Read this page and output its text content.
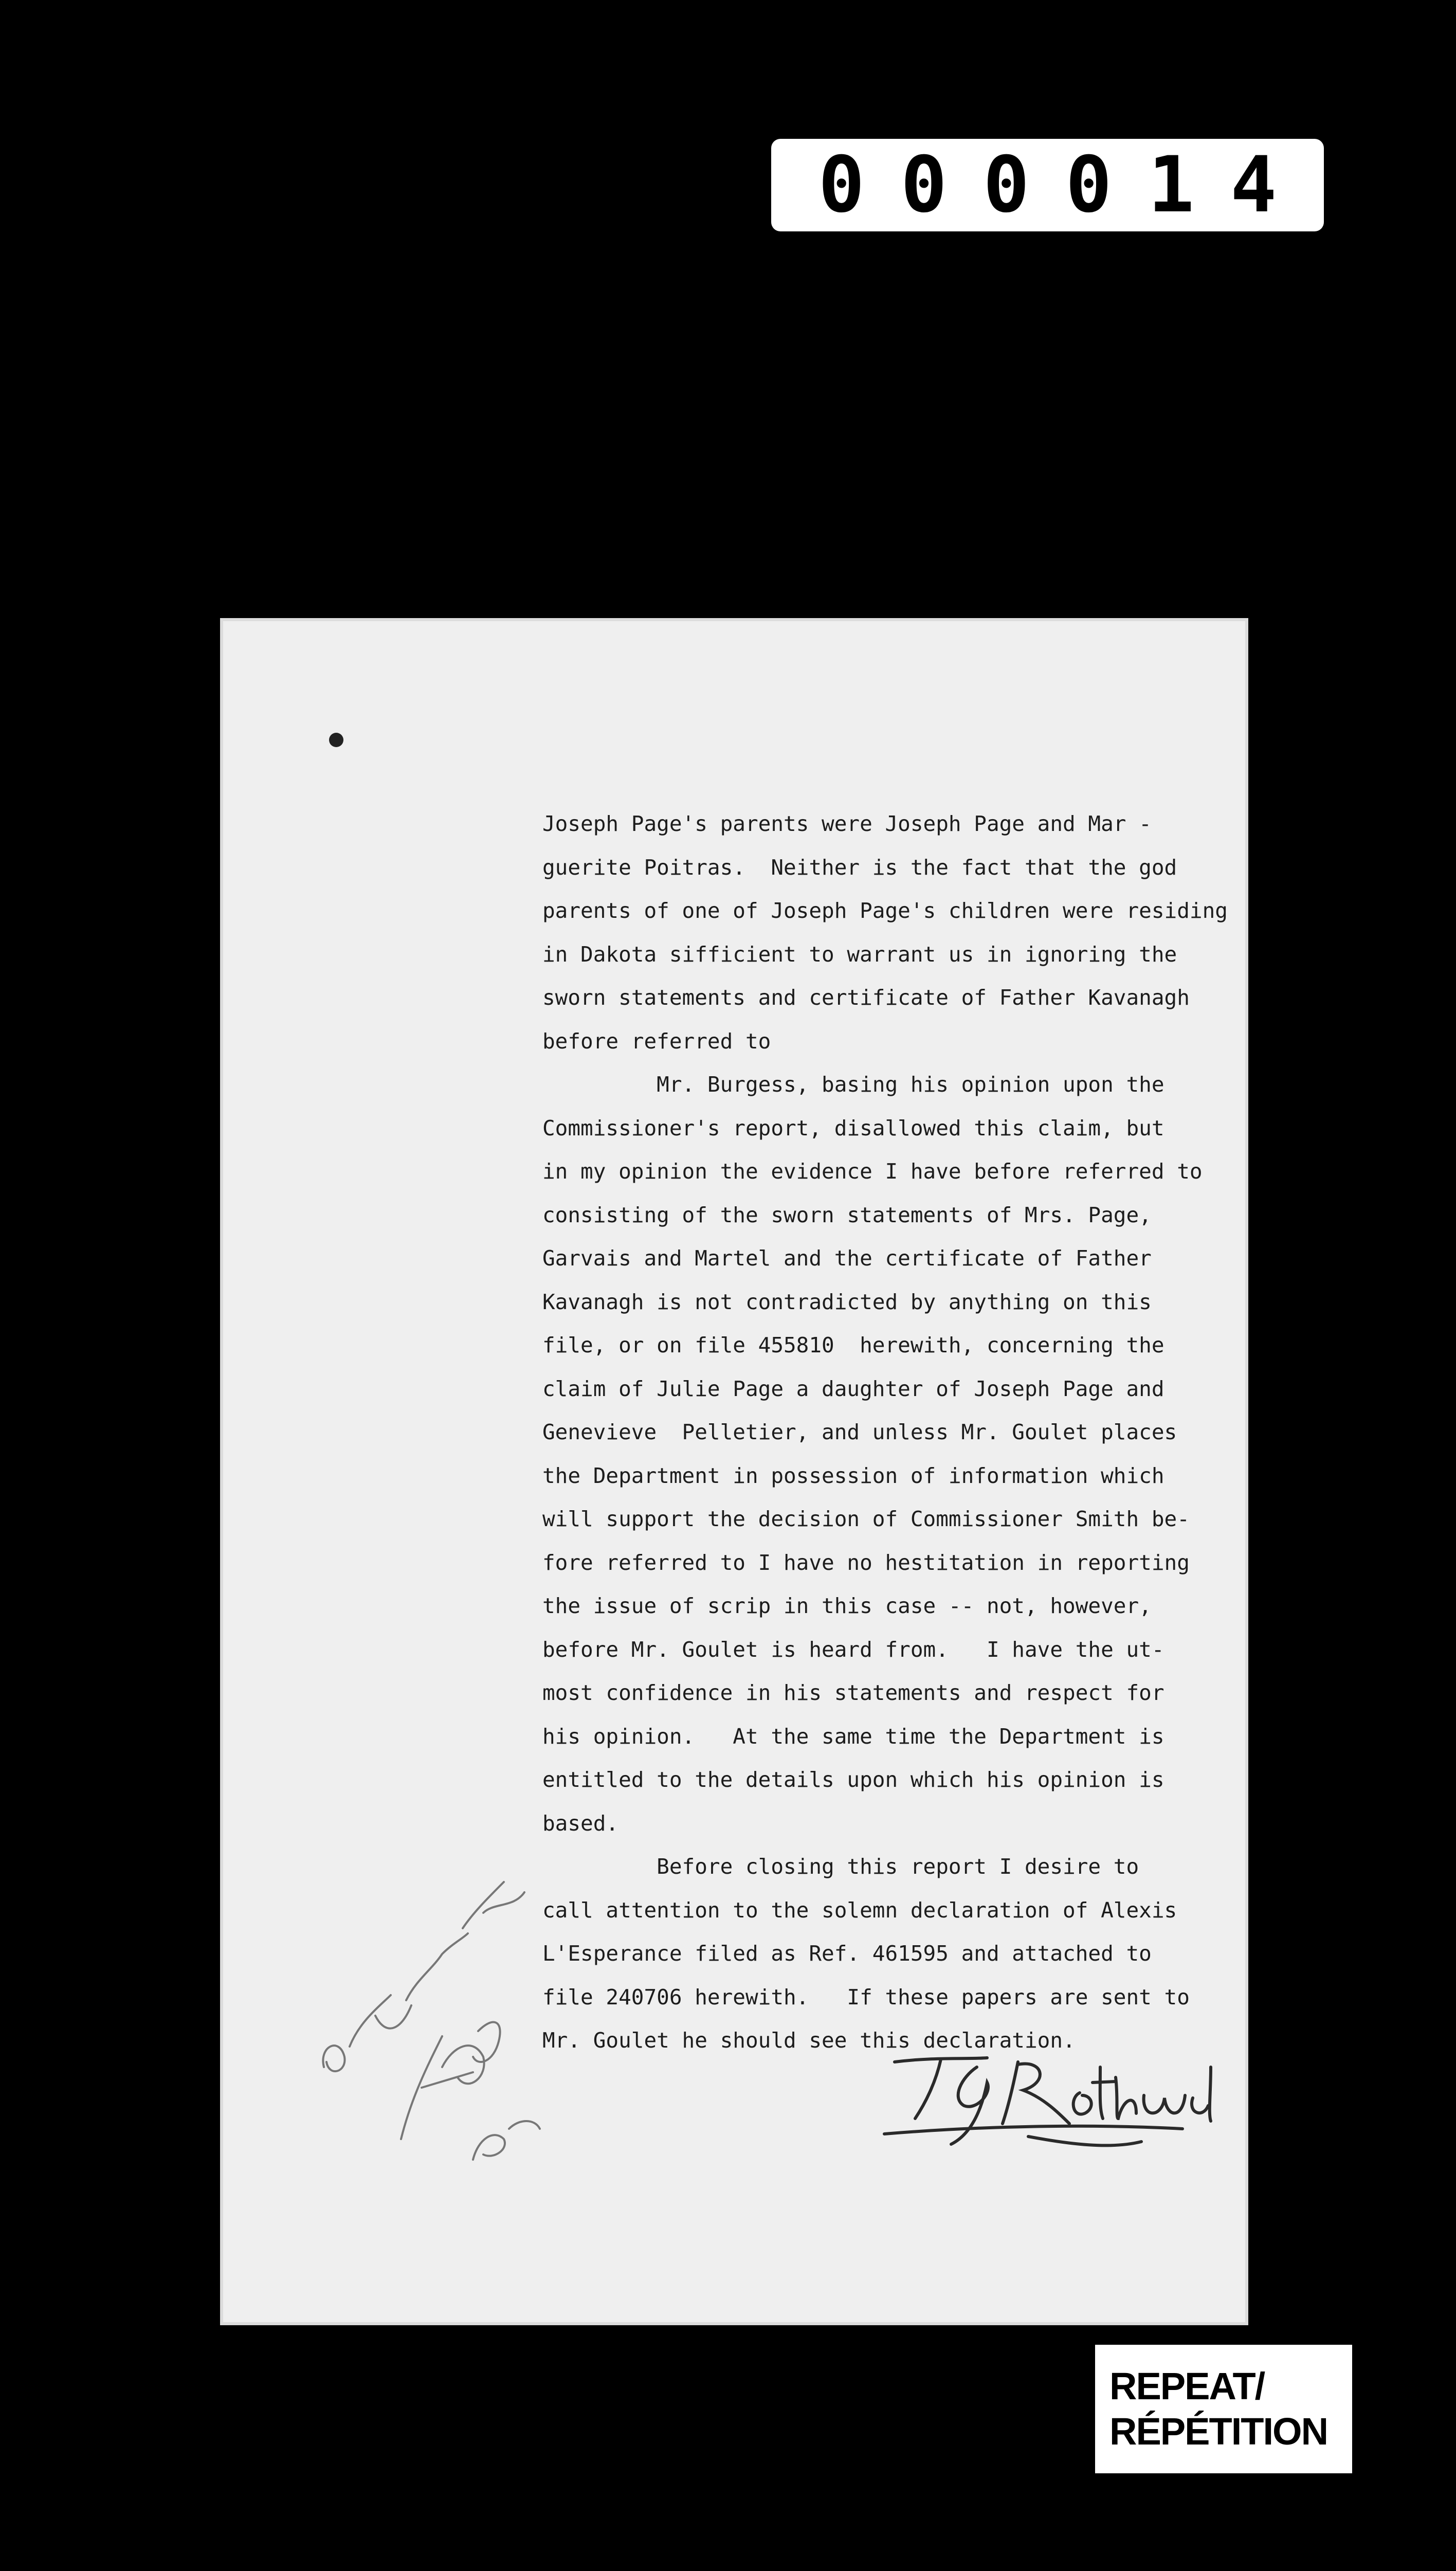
000014
Joseph Page's parents were Joseph Page and Mar -
guerite Poitras.  Neither is the fact that the god
parents of one of Joseph Page's children were residing
in Dakota sifficient to warrant us in ignoring the
sworn statements and certificate of Father Kavanagh
before referred to
Mr. Burgess, basing his opinion upon the
Commissioner's report, disallowed this claim, but
in my opinion the evidence I have before referred to
consisting of the sworn statements of Mrs. Page,
Garvais and Martel and the certificate of Father
Kavanagh is not contradicted by anything on this
file, or on file 455810  herewith, concerning the
claim of Julie Page a daughter of Joseph Page and
Genevieve  Pelletier, and unless Mr. Goulet places
the Department in possession of information which
will support the decision of Commissioner Smith be-
fore referred to I have no hestitation in reporting
the issue of scrip in this case -- not, however,
before Mr. Goulet is heard from.   I have the ut-
most confidence in his statements and respect for
his opinion.   At the same time the Department is
entitled to the details upon which his opinion is
based.
Before closing this report I desire to
call attention to the solemn declaration of Alexis
L'Esperance filed as Ref. 461595 and attached to
file 240706 herewith.   If these papers are sent to
Mr. Goulet he should see this declaration.
REPEAT/
RÉPÉTITION
